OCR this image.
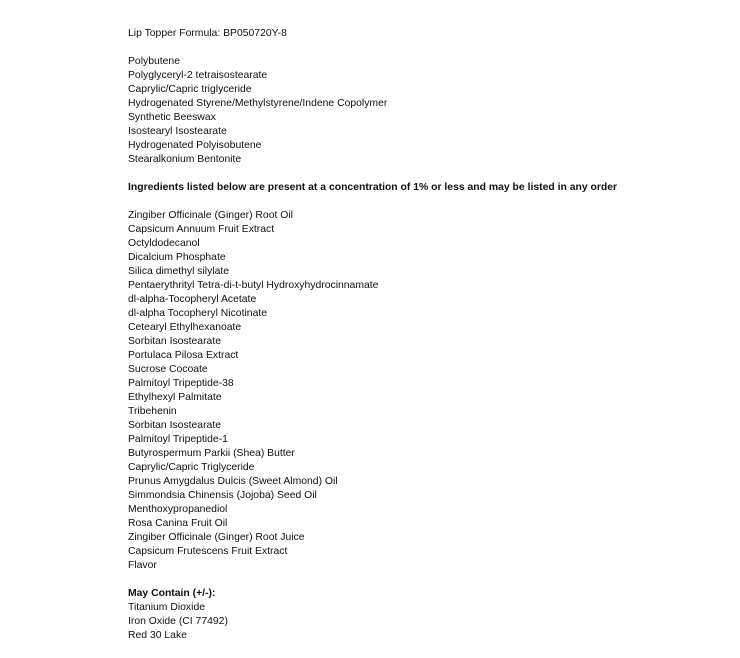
Lip Topper Formula: BP050720Y-8
Polybutene
Polyglyceryl-2 tetraisostearate
Caprylic/Capric triglyceride
Hydrogenated Styrene/Methylstyrene/Indene Copolymer
Synthetic Beeswax
Isostearyl Isostearate
Hydrogenated Polyisobutene
Stearalkonium Bentonite
Ingredients listed below are present at a concentration of 1% or less and may be listed in any order
Zingiber Officinale (Ginger) Root Oil
Capsicum Annuum Fruit Extract
Octyldodecanol
Dicalcium Phosphate
Silica dimethyl silylate
Pentaerythrityl Tetra-di-t-butyl Hydroxyhydrocinnamate
dl-alpha-Tocopheryl Acetate
dl-alpha Tocopheryl Nicotinate
Cetearyl Ethylhexanoate
Sorbitan Isostearate
Portulaca Pilosa Extract
Sucrose Cocoate
Palmitoyl Tripeptide-38
Ethylhexyl Palmitate
Tribehenin
Sorbitan Isostearate
Palmitoyl Tripeptide-1
Butyrospermum Parkii (Shea) Butter
Caprylic/Capric Triglyceride
Prunus Amygdalus Dulcis (Sweet Almond) Oil
Simmondsia Chinensis (Jojoba) Seed Oil
Menthoxypropanediol
Rosa Canina Fruit Oil
Zingiber Officinale (Ginger) Root Juice
Capsicum Frutescens Fruit Extract
Flavor
May Contain (+/-):
Titanium Dioxide
Iron Oxide (CI 77492)
Red 30 Lake
